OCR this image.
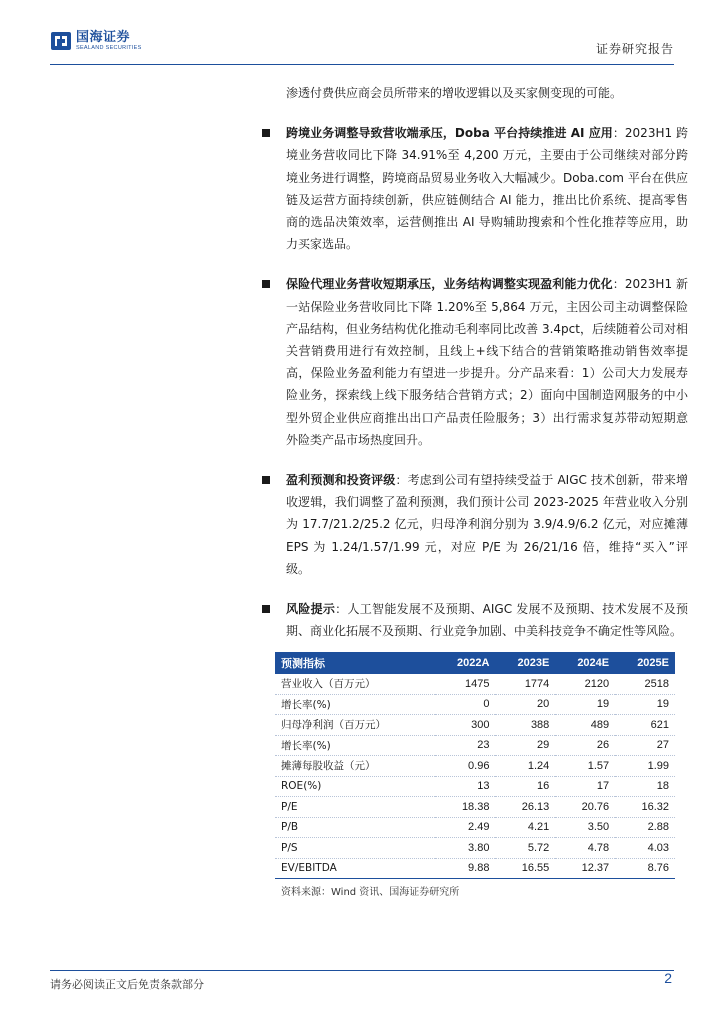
国海证券
SEALAND SECURITIES	证券研究报告
渗透付费供应商会员所带来的增收逻辑以及买家侧变现的可能。
跨境业务调整导致营收端承压，Doba 平台持续推进 AI 应用：2023H1 跨境业务营收同比下降 34.91%至 4,200 万元，主要由于公司继续对部分跨境业务进行调整，跨境商品贸易业务收入大幅减少。Doba.com 平台在供应链及运营方面持续创新，供应链侧结合 AI 能力，推出比价系统、提高零售商的选品决策效率，运营侧推出 AI 导购辅助搜索和个性化推荐等应用，助力买家选品。
保险代理业务营收短期承压，业务结构调整实现盈利能力优化：2023H1 新一站保险业务营收同比下降 1.20%至 5,864 万元，主因公司主动调整保险产品结构，但业务结构优化推动毛利率同比改善 3.4pct，后续随着公司对相关营销费用进行有效控制，且线上+线下结合的营销策略推动销售效率提高，保险业务盈利能力有望进一步提升。分产品来看：1）公司大力发展寿险业务，探索线上线下服务结合营销方式；2）面向中国制造网服务的中小型外贸企业供应商推出出口产品责任险服务；3）出行需求复苏带动短期意外险类产品市场热度回升。
盈利预测和投资评级：考虑到公司有望持续受益于 AIGC 技术创新，带来增收逻辑，我们调整了盈利预测，我们预计公司 2023-2025 年营业收入分别为 17.7/21.2/25.2 亿元，归母净利润分别为 3.9/4.9/6.2 亿元，对应摊薄 EPS 为 1.24/1.57/1.99 元，对应 P/E 为 26/21/16 倍，维持“买入”评级。
风险提示：人工智能发展不及预期、AIGC 发展不及预期、技术发展不及预期、商业化拓展不及预期、行业竞争加剧、中美科技竞争不确定性等风险。
预测指标	2022A	2023E	2024E	2025E
营业收入（百万元）	1475	1774	2120	2518
增长率(%)	0	20	19	19
归母净利润（百万元）	300	388	489	621
增长率(%)	23	29	26	27
摊薄每股收益（元）	0.96	1.24	1.57	1.99
ROE(%)	13	16	17	18
P/E	18.38	26.13	20.76	16.32
P/B	2.49	4.21	3.50	2.88
P/S	3.80	5.72	4.78	4.03
EV/EBITDA	9.88	16.55	12.37	8.76
资料来源：Wind 资讯、国海证券研究所
请务必阅读正文后免责条款部分	2
